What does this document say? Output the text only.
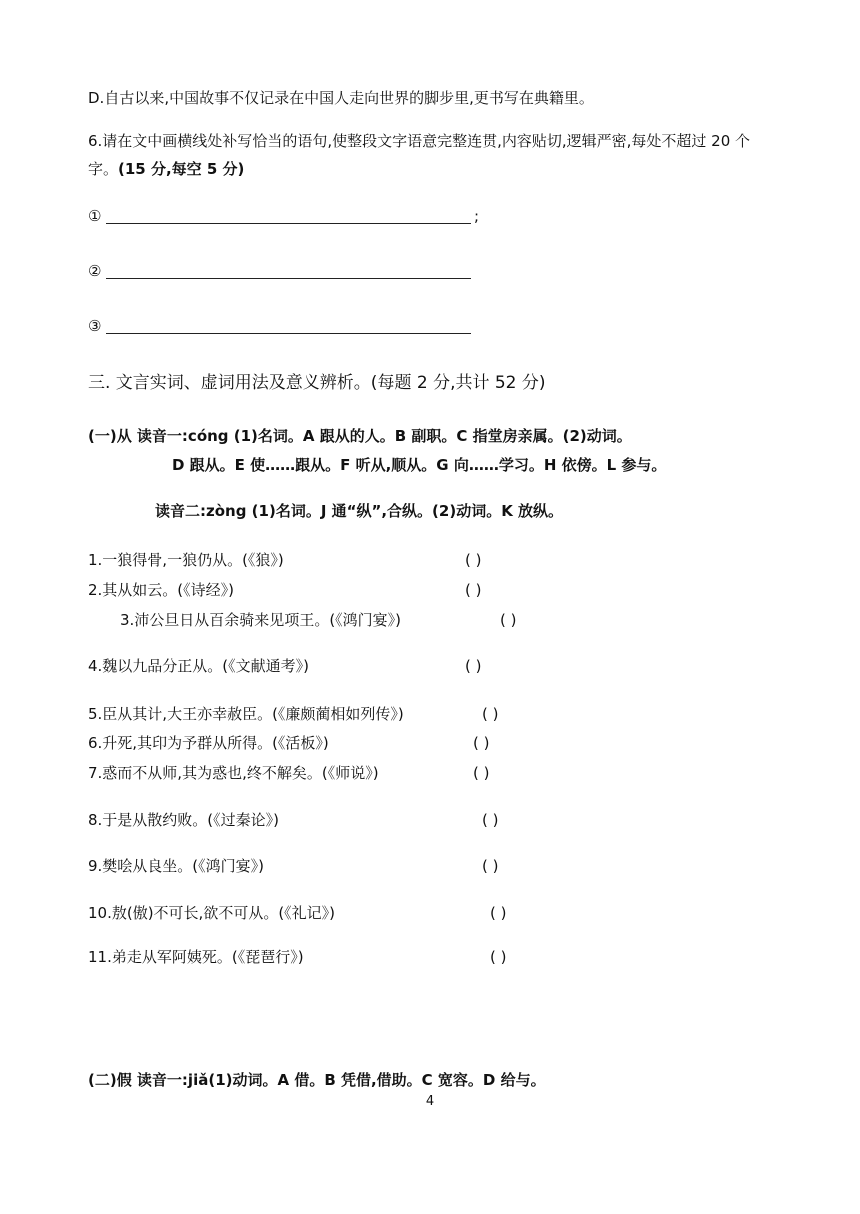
D.自古以来,中国故事不仅记录在中国人走向世界的脚步里,更书写在典籍里。
6.请在文中画横线处补写恰当的语句,使整段文字语意完整连贯,内容贴切,逻辑严密,每处不超过 20 个字。(15 分,每空 5 分)
①	;
②
③
三. 文言实词、虚词用法及意义辨析。(每题 2 分,共计 52 分)
(一)从 读音一:cóng (1)名词。A 跟从的人。B 副职。C 指堂房亲属。(2)动词。
D 跟从。E 使……跟从。F 听从,顺从。G 向……学习。H 依傍。L 参与。
读音二:zòng (1)名词。J 通“纵”,合纵。(2)动词。K 放纵。
1.一狼得骨,一狼仍从。(《狼》)	( )
2.其从如云。(《诗经》)	( )
3.沛公旦日从百余骑来见项王。(《鸿门宴》)	( )
4.魏以九品分正从。(《文献通考》)	( )
5.臣从其计,大王亦幸赦臣。(《廉颇蔺相如列传》)	( )
6.升死,其印为予群从所得。(《活板》)	( )
7.惑而不从师,其为惑也,终不解矣。(《师说》)	( )
8.于是从散约败。(《过秦论》)	( )
9.樊哙从良坐。(《鸿门宴》)	( )
10.敖(傲)不可长,欲不可从。(《礼记》)	( )
11.弟走从军阿姨死。(《琵琶行》)	( )
(二)假 读音一:jiǎ(1)动词。A 借。B 凭借,借助。C 宽容。D 给与。
4
